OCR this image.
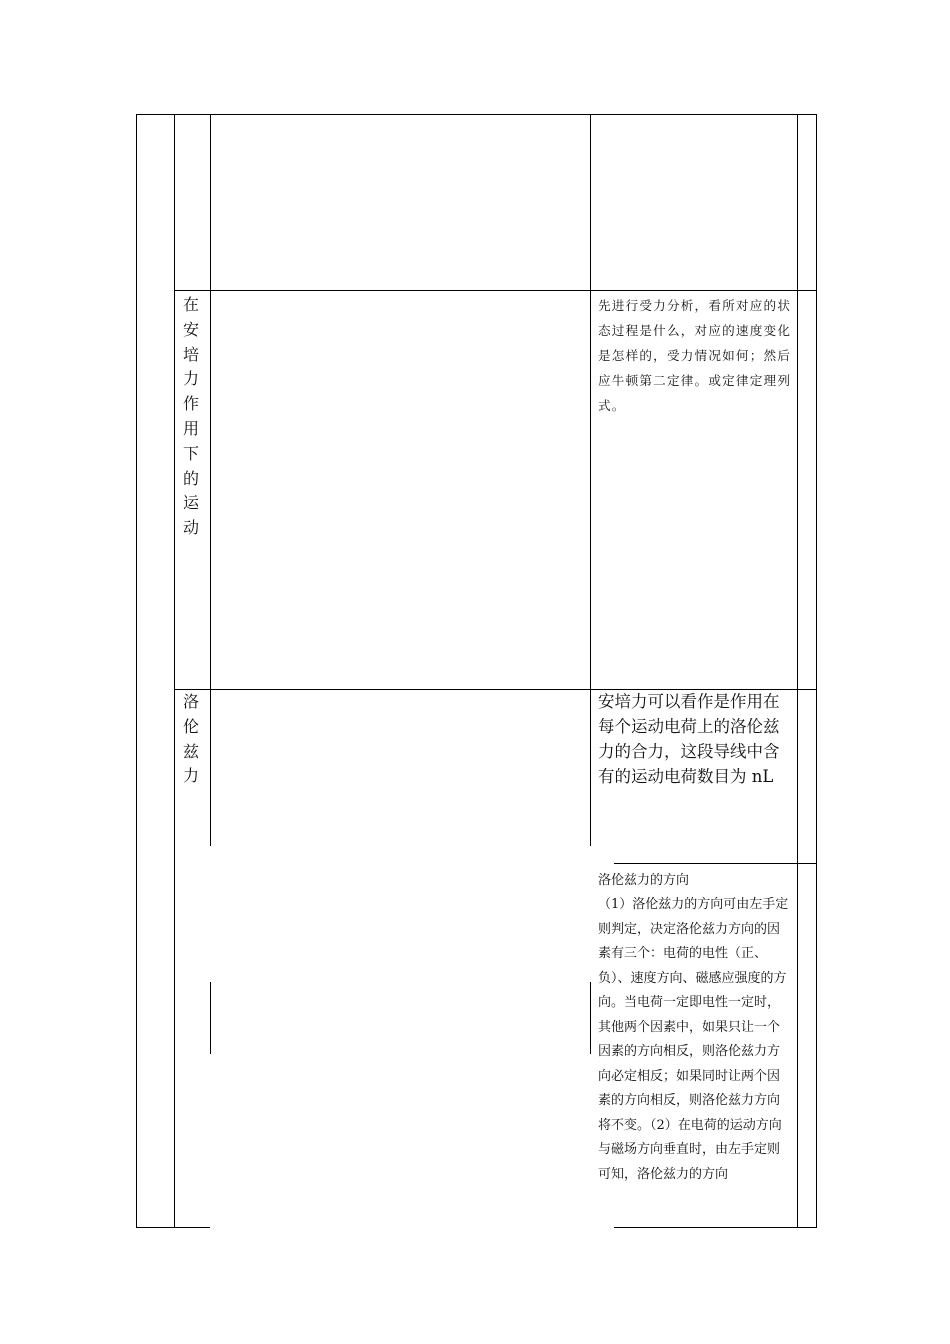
在
安
培
力
作
用
下
的
运
动
先进行受力分析，看所对应的状态过程是什么，对应的速度变化是怎样的，受力情况如何；然后应牛顿第二定律。或定律定理列式。
洛
伦
兹
力
安培力可以看作是作用在每个运动电荷上的洛伦兹力的合力，这段导线中含有的运动电荷数目为 nL
洛伦兹力的方向
（1）洛伦兹力的方向可由左手定则判定，决定洛伦兹力方向的因素有三个：电荷的电性（正、负）、速度方向、磁感应强度的方向。当电荷一定即电性一定时，其他两个因素中，如果只让一个因素的方向相反，则洛伦兹力方向必定相反；如果同时让两个因素的方向相反，则洛伦兹力方向将不变。（2）在电荷的运动方向与磁场方向垂直时，由左手定则可知，洛伦兹力的方向
